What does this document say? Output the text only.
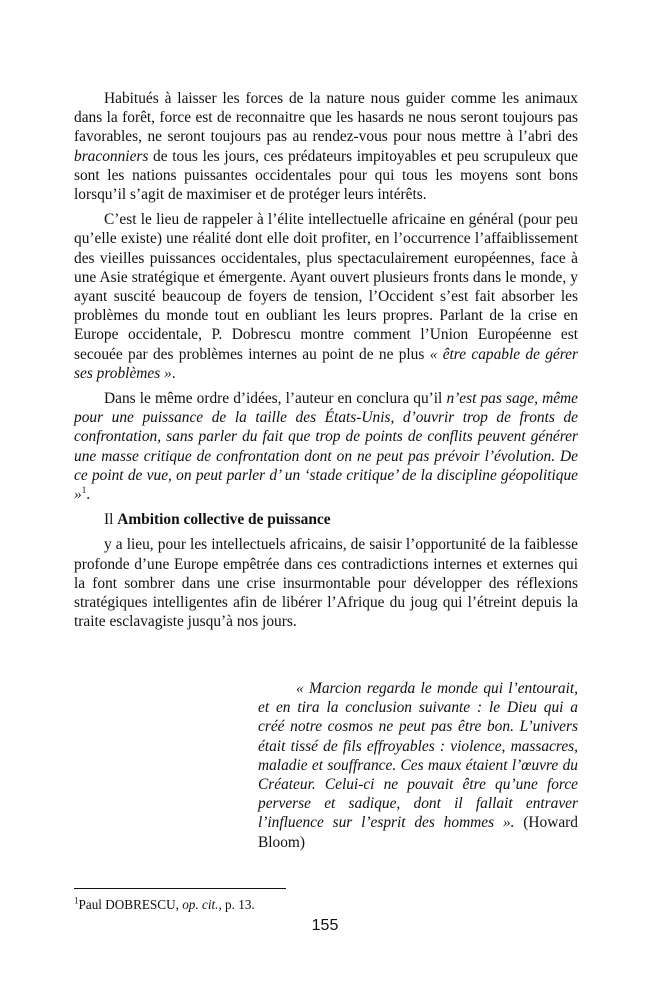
Habitués à laisser les forces de la nature nous guider comme les animaux dans la forêt, force est de reconnaitre que les hasards ne nous seront toujours pas favorables, ne seront toujours pas au rendez-vous pour nous mettre à l’abri des braconniers de tous les jours, ces prédateurs impitoyables et peu scrupuleux que sont les nations puissantes occidentales pour qui tous les moyens sont bons lorsqu’il s’agit de maximiser et de protéger leurs intérêts.

C’est le lieu de rappeler à l’élite intellectuelle africaine en général (pour peu qu’elle existe) une réalité dont elle doit profiter, en l’occurrence l’affaiblissement des vieilles puissances occidentales, plus spectaculairement européennes, face à une Asie stratégique et émergente. Ayant ouvert plusieurs fronts dans le monde, y ayant suscité beaucoup de foyers de tension, l’Occident s’est fait absorber les problèmes du monde tout en oubliant les leurs propres. Parlant de la crise en Europe occidentale, P. Dobrescu montre comment l’Union Européenne est secouée par des problèmes internes au point de ne plus « être capable de gérer ses problèmes ».

Dans le même ordre d’idées, l’auteur en conclura qu’il n’est pas sage, même pour une puissance de la taille des États-Unis, d’ouvrir trop de fronts de confrontation, sans parler du fait que trop de points de conflits peuvent générer une masse critique de confrontation dont on ne peut pas prévoir l’évolution. De ce point de vue, on peut parler d’ un ‘stade critique’ de la discipline géopolitique »$^1$.

Il Ambition collective de puissance

y a lieu, pour les intellectuels africains, de saisir l’opportunité de la faiblesse profonde d’une Europe empêtrée dans ces contradictions internes et externes qui la font sombrer dans une crise insurmontable pour développer des réflexions stratégiques intelligentes afin de libérer l’Afrique du joug qui l’étreint depuis la traite esclavagiste jusqu’à nos jours.

« Marcion regarda le monde qui l’entourait, et en tira la conclusion suivante : le Dieu qui a créé notre cosmos ne peut pas être bon. L’univers était tissé de fils effroyables : violence, massacres, maladie et souffrance. Ces maux étaient l’œuvre du Créateur. Celui-ci ne pouvait être qu’une force perverse et sadique, dont il fallait entraver l’influence sur l’esprit des hommes ». (Howard Bloom)
$^1$Paul DOBRESCU, op. cit., p. 13.
155
